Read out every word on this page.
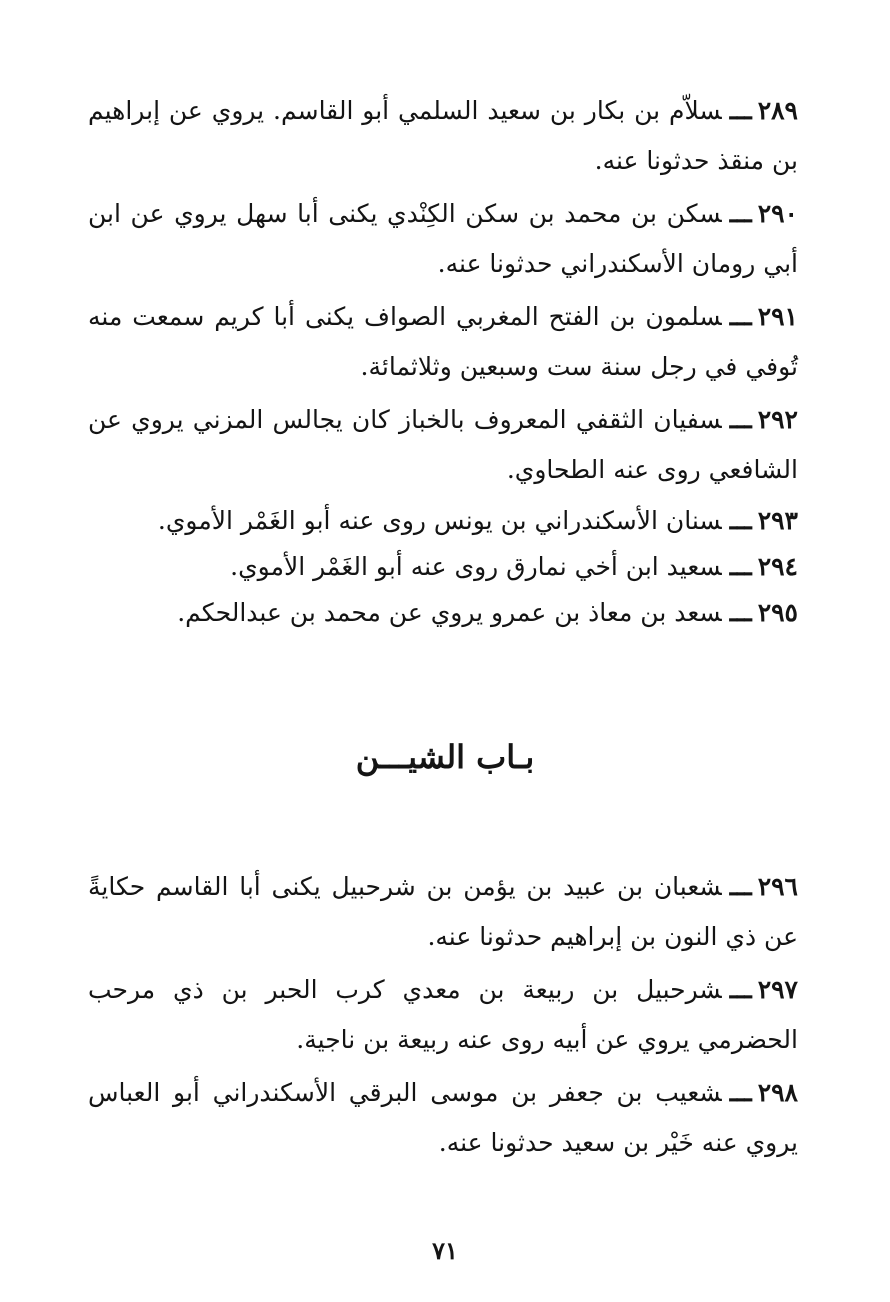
٢٨٩ـــسلاّم بن بكار بن سعيد السلمي أبو القاسم. يروي عن إبراهيم بن منقذ حدثونا عنه.

٢٩٠ـــسكن بن محمد بن سكن الكِنْدي يكنى أبا سهل يروي عن ابن أبي رومان الأسكندراني حدثونا عنه.

٢٩١ـــسلمون بن الفتح المغربي الصواف يكنى أبا كريم سمعت منه تُوفي في رجل سنة ست وسبعين وثلاثمائة.

٢٩٢ـــسفيان الثقفي المعروف بالخباز كان يجالس المزني يروي عن الشافعي روى عنه الطحاوي.

٢٩٣ـــسنان الأسكندراني بن يونس روى عنه أبو الغَمْر الأموي.

٢٩٤ـــسعيد ابن أخي نمارق روى عنه أبو الغَمْر الأموي.

٢٩٥ـــسعد بن معاذ بن عمرو يروي عن محمد بن عبدالحكم.

بـاب الشيـــن

٢٩٦ـــشعبان بن عبيد بن يؤمن بن شرحبيل يكنى أبا القاسم حكايةً عن ذي النون بن إبراهيم حدثونا عنه.

٢٩٧ـــشرحبيل بن ربيعة بن معدي كرب الحبر بن ذي مرحب الحضرمي يروي عن أبيه روى عنه ربيعة بن ناجية.

٢٩٨ـــشعيب بن جعفر بن موسى البرقي الأسكندراني أبو العباس يروي عنه خَيْر بن سعيد حدثونا عنه.

٧١
